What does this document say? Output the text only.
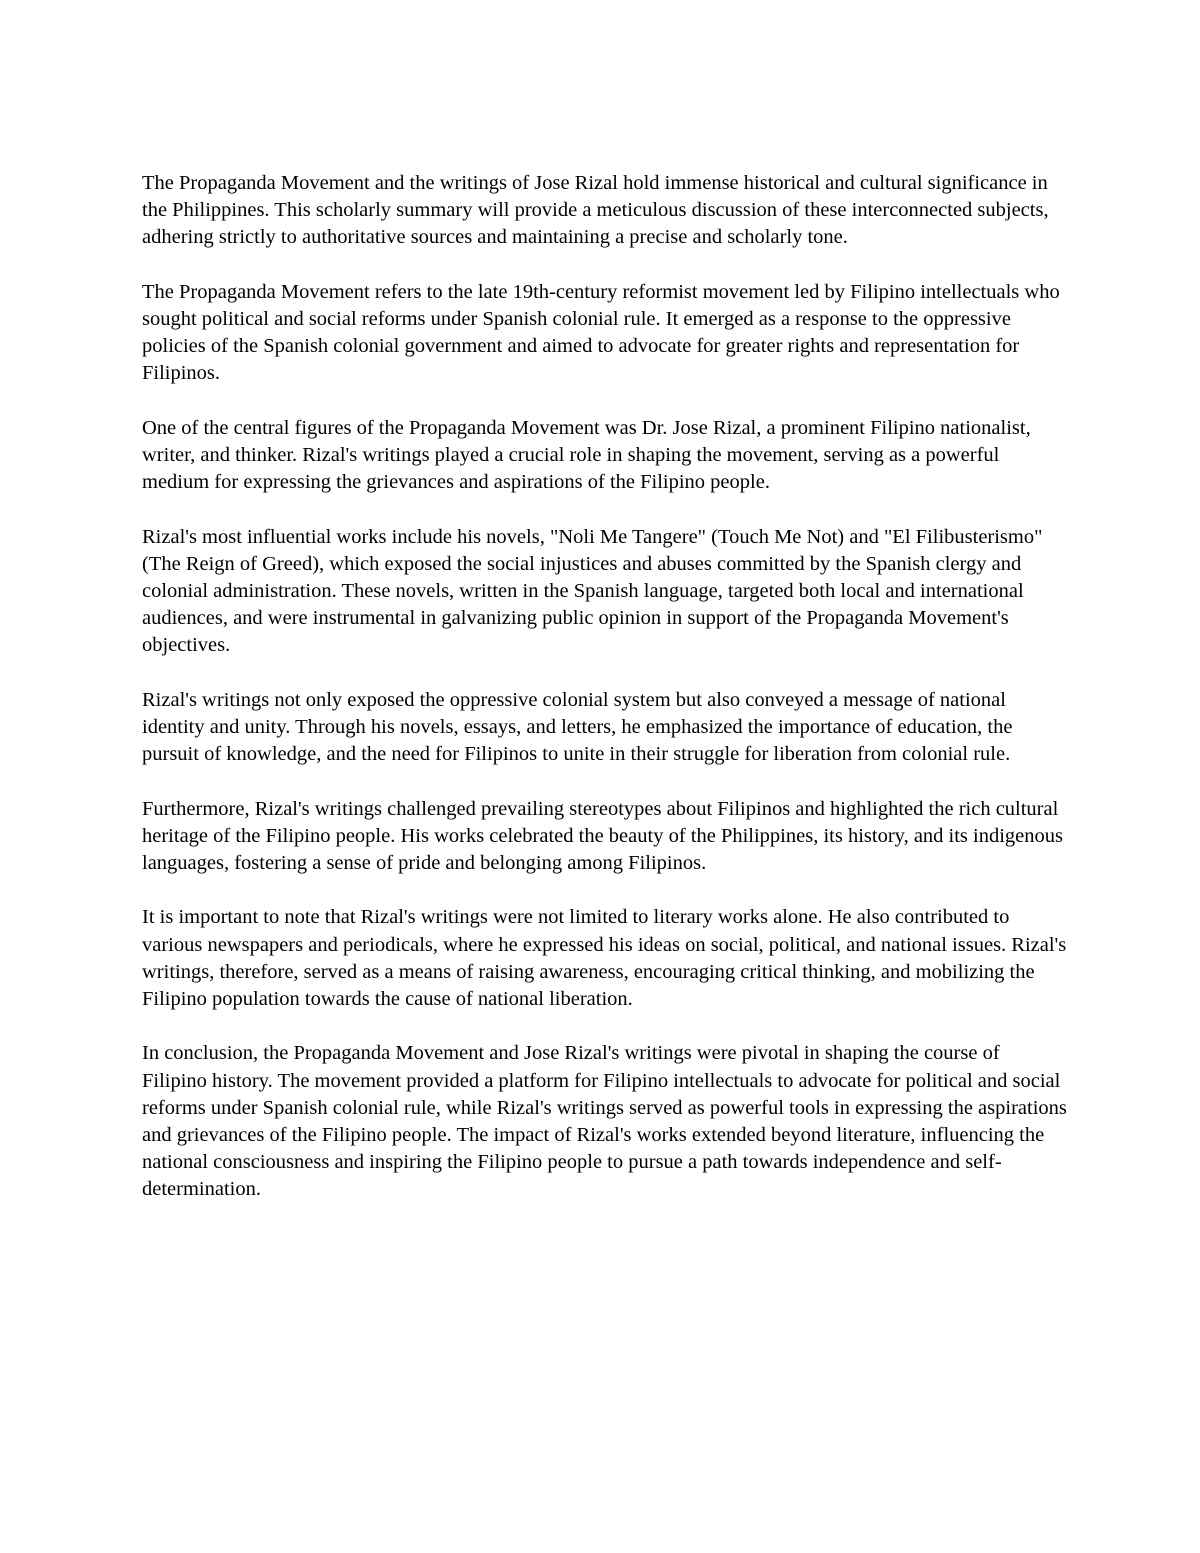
The Propaganda Movement and the writings of Jose Rizal hold immense historical and cultural significance in the Philippines. This scholarly summary will provide a meticulous discussion of these interconnected subjects, adhering strictly to authoritative sources and maintaining a precise and scholarly tone.

The Propaganda Movement refers to the late 19th-century reformist movement led by Filipino intellectuals who sought political and social reforms under Spanish colonial rule. It emerged as a response to the oppressive policies of the Spanish colonial government and aimed to advocate for greater rights and representation for Filipinos.

One of the central figures of the Propaganda Movement was Dr. Jose Rizal, a prominent Filipino nationalist, writer, and thinker. Rizal's writings played a crucial role in shaping the movement, serving as a powerful medium for expressing the grievances and aspirations of the Filipino people.

Rizal's most influential works include his novels, "Noli Me Tangere" (Touch Me Not) and "El Filibusterismo" (The Reign of Greed), which exposed the social injustices and abuses committed by the Spanish clergy and colonial administration. These novels, written in the Spanish language, targeted both local and international audiences, and were instrumental in galvanizing public opinion in support of the Propaganda Movement's objectives.

Rizal's writings not only exposed the oppressive colonial system but also conveyed a message of national identity and unity. Through his novels, essays, and letters, he emphasized the importance of education, the pursuit of knowledge, and the need for Filipinos to unite in their struggle for liberation from colonial rule.

Furthermore, Rizal's writings challenged prevailing stereotypes about Filipinos and highlighted the rich cultural heritage of the Filipino people. His works celebrated the beauty of the Philippines, its history, and its indigenous languages, fostering a sense of pride and belonging among Filipinos.

It is important to note that Rizal's writings were not limited to literary works alone. He also contributed to various newspapers and periodicals, where he expressed his ideas on social, political, and national issues. Rizal's writings, therefore, served as a means of raising awareness, encouraging critical thinking, and mobilizing the Filipino population towards the cause of national liberation.

In conclusion, the Propaganda Movement and Jose Rizal's writings were pivotal in shaping the course of Filipino history. The movement provided a platform for Filipino intellectuals to advocate for political and social reforms under Spanish colonial rule, while Rizal's writings served as powerful tools in expressing the aspirations and grievances of the Filipino people. The impact of Rizal's works extended beyond literature, influencing the national consciousness and inspiring the Filipino people to pursue a path towards independence and self-determination.
